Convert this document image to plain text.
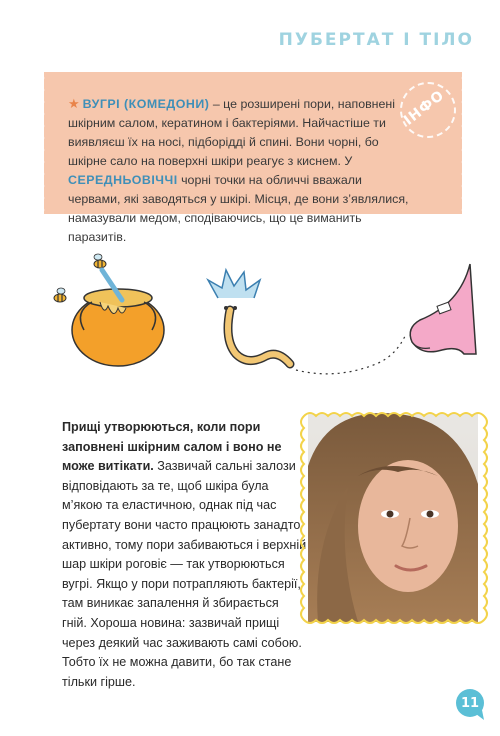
ПУБЕРТАТ І ТІЛО
★ ВУГРІ (КОМЕДОНИ) – це розширені пори, наповнені шкірним салом, кератином і бактеріями. Найчастіше ти виявляєш їх на носі, підборідді й спині. Вони чорні, бо шкірне сало на поверхні шкіри реагує з киснем. У СЕРЕДНЬОВІЧЧІ чорні точки на обличчі вважали червами, які заводяться у шкірі. Місця, де вони з’являлися, намазували медом, сподіваючись, що це виманить паразитів.
ІНФО
Прищі утворюються, коли пори заповнені шкірним салом і воно не може витікати. Зазвичай сальні залози відповідають за те, щоб шкіра була м’якою та еластичною, однак під час пубертату вони часто працюють занадто активно, тому пори забиваються і верхній шар шкіри роговіє — так утворюються вугрі. Якщо у пори потрапляють бактерії, там виникає запалення й збирається гній. Хороша новина: зазвичай прищі через деякий час заживають самі собою. Тобто їх не можна давити, бо так стане тільки гірше.
11
